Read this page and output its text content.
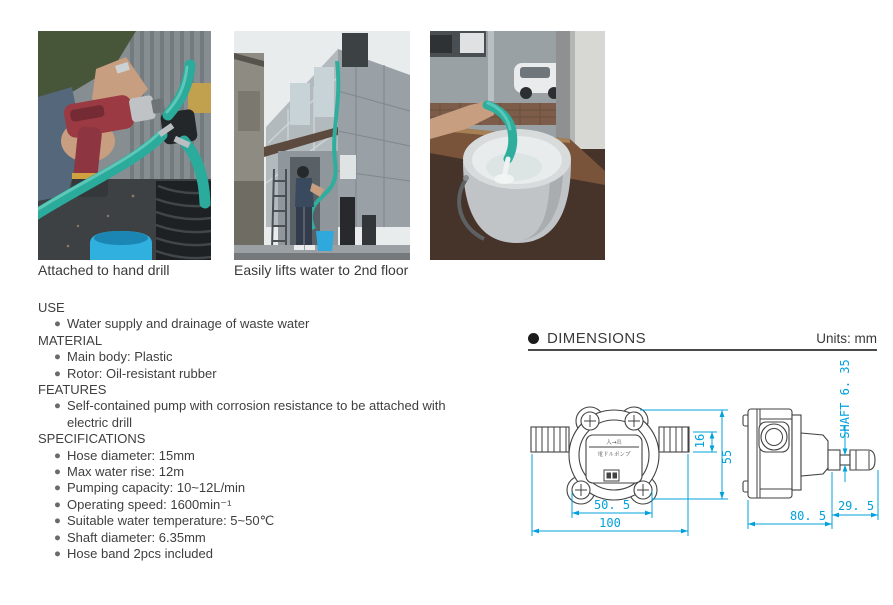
Attached to hand drill	Easily lifts water to 2nd floor
USE
● Water supply and drainage of waste water
MATERIAL
● Main body: Plastic
● Rotor: Oil-resistant rubber
FEATURES
● Self-contained pump with corrosion resistance to be attached with electric drill
SPECIFICATIONS
● Hose diameter: 15mm
● Max water rise: 12m
● Pumping capacity: 10~12L/min
● Operating speed: 1600min⁻¹
● Suitable water temperature: 5~50℃
● Shaft diameter: 6.35mm
● Hose band 2pcs included
DIMENSIONS	Units: mm
入→出
電ドルポンプ
16
55
50. 5
100
SHAFT 6. 35
29. 5
80. 5
